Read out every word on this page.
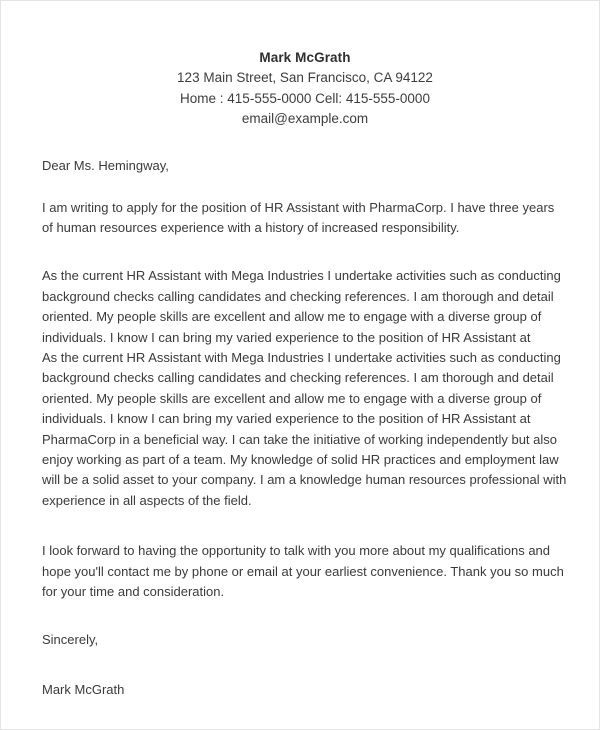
Mark McGrath
123 Main Street, San Francisco, CA 94122
Home : 415-555-0000 Cell: 415-555-0000
email@example.com
Dear Ms. Hemingway,

I am writing to apply for the position of HR Assistant with PharmaCorp. I have three years of human resources experience with a history of increased responsibility.

As the current HR Assistant with Mega Industries I undertake activities such as conducting background checks calling candidates and checking references. I am thorough and detail oriented. My people skills are excellent and allow me to engage with a diverse group of individuals. I know I can bring my varied experience to the position of HR Assistant at

As the current HR Assistant with Mega Industries I undertake activities such as conducting background checks calling candidates and checking references. I am thorough and detail oriented. My people skills are excellent and allow me to engage with a diverse group of individuals. I know I can bring my varied experience to the position of HR Assistant at PharmaCorp in a beneficial way. I can take the initiative of working independently but also enjoy working as part of a team. My knowledge of solid HR practices and employment law will be a solid asset to your company. I am a knowledge human resources professional with experience in all aspects of the field.

I look forward to having the opportunity to talk with you more about my qualifications and hope you'll contact me by phone or email at your earliest convenience. Thank you so much for your time and consideration.

Sincerely,
Mark McGrath
